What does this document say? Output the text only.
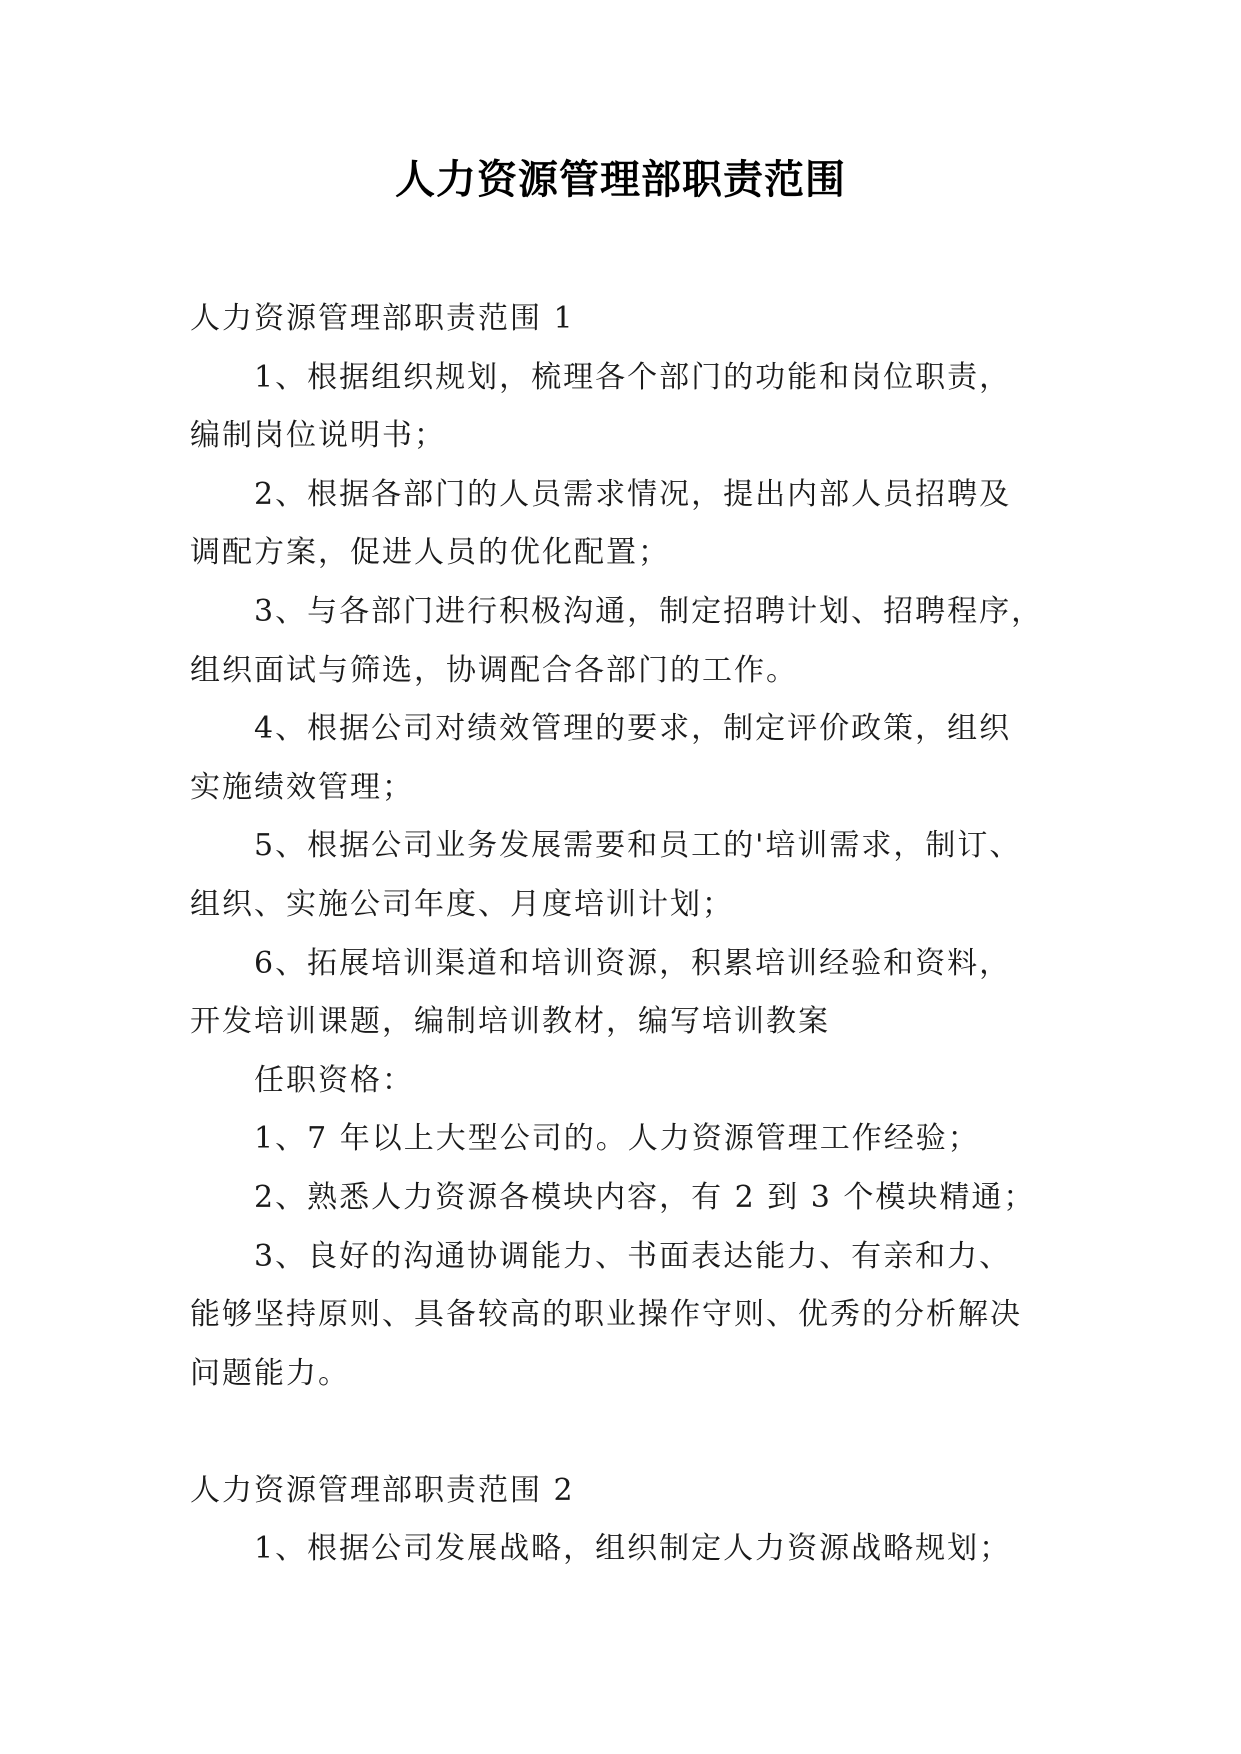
人力资源管理部职责范围
人力资源管理部职责范围 1
1、根据组织规划，梳理各个部门的功能和岗位职责，
编制岗位说明书；
2、根据各部门的人员需求情况，提出内部人员招聘及
调配方案，促进人员的优化配置；
3、与各部门进行积极沟通，制定招聘计划、招聘程序，
组织面试与筛选，协调配合各部门的工作。
4、根据公司对绩效管理的要求，制定评价政策，组织
实施绩效管理；
5、根据公司业务发展需要和员工的'培训需求，制订、
组织、实施公司年度、月度培训计划；
6、拓展培训渠道和培训资源，积累培训经验和资料，
开发培训课题，编制培训教材，编写培训教案
任职资格：
1、7 年以上大型公司的。人力资源管理工作经验；
2、熟悉人力资源各模块内容，有 2 到 3 个模块精通；
3、良好的沟通协调能力、书面表达能力、有亲和力、
能够坚持原则、具备较高的职业操作守则、优秀的分析解决
问题能力。
人力资源管理部职责范围 2
1、根据公司发展战略，组织制定人力资源战略规划；
